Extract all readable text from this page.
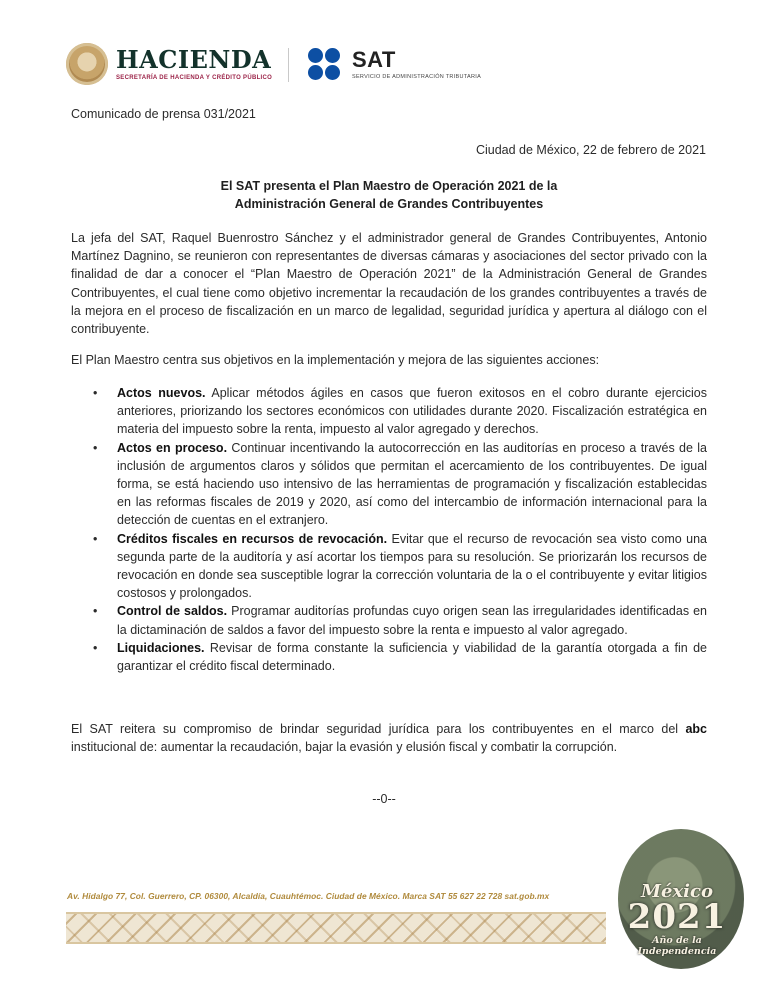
HACIENDA
SECRETARÍA DE HACIENDA Y CRÉDITO PÚBLICO
SAT
SERVICIO DE ADMINISTRACIÓN TRIBUTARIA
Comunicado de prensa 031/2021
Ciudad de México, 22 de febrero de 2021
El SAT presenta el Plan Maestro de Operación 2021 de la
Administración General de Grandes Contribuyentes
La jefa del SAT, Raquel Buenrostro Sánchez y el administrador general de Grandes Contribuyentes, Antonio Martínez Dagnino, se reunieron con representantes de diversas cámaras y asociaciones del sector privado con la finalidad de dar a conocer el “Plan Maestro de Operación 2021” de la Administración General de Grandes Contribuyentes, el cual tiene como objetivo incrementar la recaudación de los grandes contribuyentes a través de la mejora en el proceso de fiscalización en un marco de legalidad, seguridad jurídica y apertura al diálogo con el contribuyente.
El Plan Maestro centra sus objetivos en la implementación y mejora de las siguientes acciones:
• Actos nuevos. Aplicar métodos ágiles en casos que fueron exitosos en el cobro durante ejercicios anteriores, priorizando los sectores económicos con utilidades durante 2020. Fiscalización estratégica en materia del impuesto sobre la renta, impuesto al valor agregado y derechos.
• Actos en proceso. Continuar incentivando la autocorrección en las auditorías en proceso a través de la inclusión de argumentos claros y sólidos que permitan el acercamiento de los contribuyentes. De igual forma, se está haciendo uso intensivo de las herramientas de programación y fiscalización establecidas en las reformas fiscales de 2019 y 2020, así como del intercambio de información internacional para la detección de cuentas en el extranjero.
• Créditos fiscales en recursos de revocación. Evitar que el recurso de revocación sea visto como una segunda parte de la auditoría y así acortar los tiempos para su resolución. Se priorizarán los recursos de revocación en donde sea susceptible lograr la corrección voluntaria de la o el contribuyente y evitar litigios costosos y prolongados.
• Control de saldos. Programar auditorías profundas cuyo origen sean las irregularidades identificadas en la dictaminación de saldos a favor del impuesto sobre la renta e impuesto al valor agregado.
• Liquidaciones. Revisar de forma constante la suficiencia y viabilidad de la garantía otorgada a fin de garantizar el crédito fiscal determinado.
El SAT reitera su compromiso de brindar seguridad jurídica para los contribuyentes en el marco del abc institucional de: aumentar la recaudación, bajar la evasión y elusión fiscal y combatir la corrupción.
--0--
Av. Hidalgo 77, Col. Guerrero, CP. 06300, Alcaldía, Cuauhtémoc. Ciudad de México. Marca SAT 55 627 22 728 sat.gob.mx	México
2021
Año de la
Independencia
